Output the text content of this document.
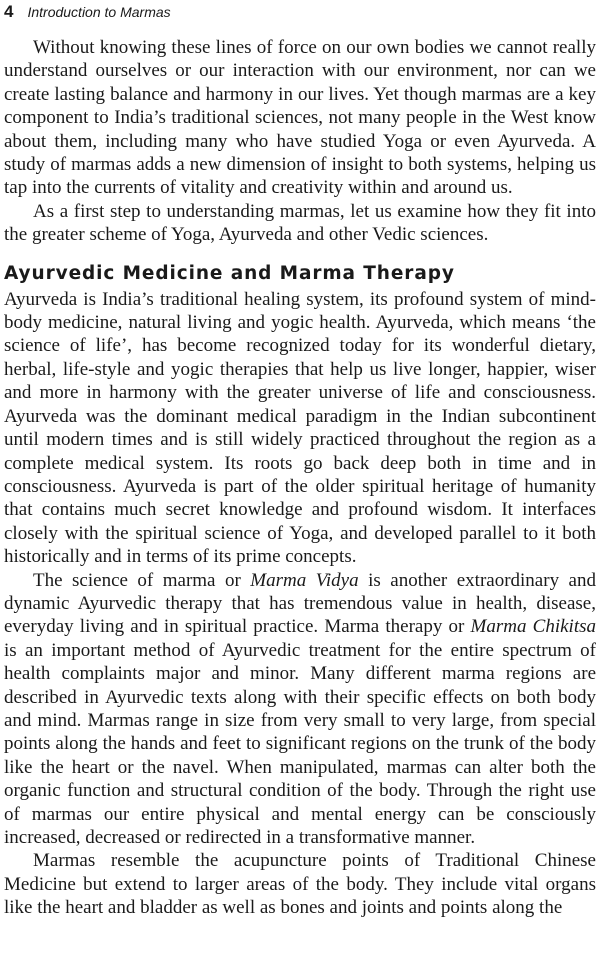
4 Introduction to Marmas

Without knowing these lines of force on our own bodies we cannot really understand ourselves or our interaction with our environment, nor can we create lasting balance and harmony in our lives. Yet though marmas are a key component to India’s traditional sciences, not many people in the West know about them, including many who have studied Yoga or even Ayurveda. A study of marmas adds a new dimension of insight to both systems, helping us tap into the currents of vitality and creativity within and around us.

As a first step to understanding marmas, let us examine how they fit into the greater scheme of Yoga, Ayurveda and other Vedic sciences.

Ayurvedic Medicine and Marma Therapy

Ayurveda is India’s traditional healing system, its profound system of mind-body medicine, natural living and yogic health. Ayurveda, which means ‘the science of life’, has become recognized today for its wonderful dietary, herbal, life-style and yogic therapies that help us live longer, happier, wiser and more in harmony with the greater universe of life and consciousness. Ayurveda was the dominant medical paradigm in the Indian subcontinent until modern times and is still widely practiced throughout the region as a complete medical system. Its roots go back deep both in time and in consciousness. Ayurveda is part of the older spiritual heritage of humanity that contains much secret knowledge and profound wisdom. It interfaces closely with the spiritual science of Yoga, and developed parallel to it both historically and in terms of its prime concepts.

The science of marma or Marma Vidya is another extraordinary and dynamic Ayurvedic therapy that has tremendous value in health, disease, everyday living and in spiritual practice. Marma therapy or Marma Chikitsa is an important method of Ayurvedic treatment for the entire spectrum of health complaints major and minor. Many different marma regions are described in Ayurvedic texts along with their specific effects on both body and mind. Marmas range in size from very small to very large, from special points along the hands and feet to significant regions on the trunk of the body like the heart or the navel. When manipulated, marmas can alter both the organic function and structural condition of the body. Through the right use of marmas our entire physical and mental energy can be consciously increased, decreased or redirected in a transformative manner.

Marmas resemble the acupuncture points of Traditional Chinese Medicine but extend to larger areas of the body. They include vital organs like the heart and bladder as well as bones and joints and points along the
